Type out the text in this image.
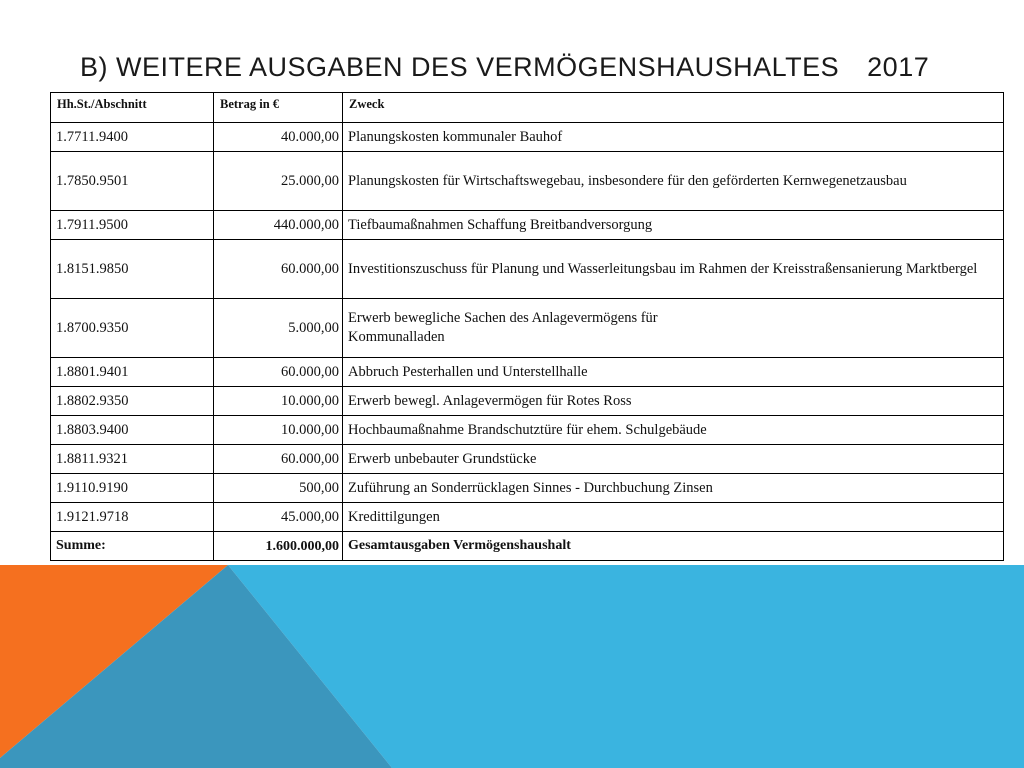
B) WEITERE AUSGABEN DES VERMÖGENSHAUSHALTES 2017
Hh.St./Abschnitt	Betrag in €	Zweck
1.7711.9400	40.000,00	Planungskosten kommunaler Bauhof
1.7850.9501	25.000,00	Planungskosten für Wirtschaftswegebau, insbesondere für den geförderten Kernwegenetzausbau
1.7911.9500	440.000,00	Tiefbaumaßnahmen Schaffung Breitbandversorgung
1.8151.9850	60.000,00	Investitionszuschuss für Planung und Wasserleitungsbau im Rahmen der Kreisstraßensanierung Marktbergel
1.8700.9350	5.000,00	Erwerb bewegliche Sachen des Anlagevermögens für
Kommunalladen
1.8801.9401	60.000,00	Abbruch Pesterhallen und Unterstellhalle
1.8802.9350	10.000,00	Erwerb bewegl. Anlagevermögen für Rotes Ross
1.8803.9400	10.000,00	Hochbaumaßnahme Brandschutztüre für ehem. Schulgebäude
1.8811.9321	60.000,00	Erwerb unbebauter Grundstücke
1.9110.9190	500,00	Zuführung an Sonderrücklagen Sinnes - Durchbuchung Zinsen
1.9121.9718	45.000,00	Kredittilgungen
Summe:	1.600.000,00	Gesamtausgaben Vermögenshaushalt
